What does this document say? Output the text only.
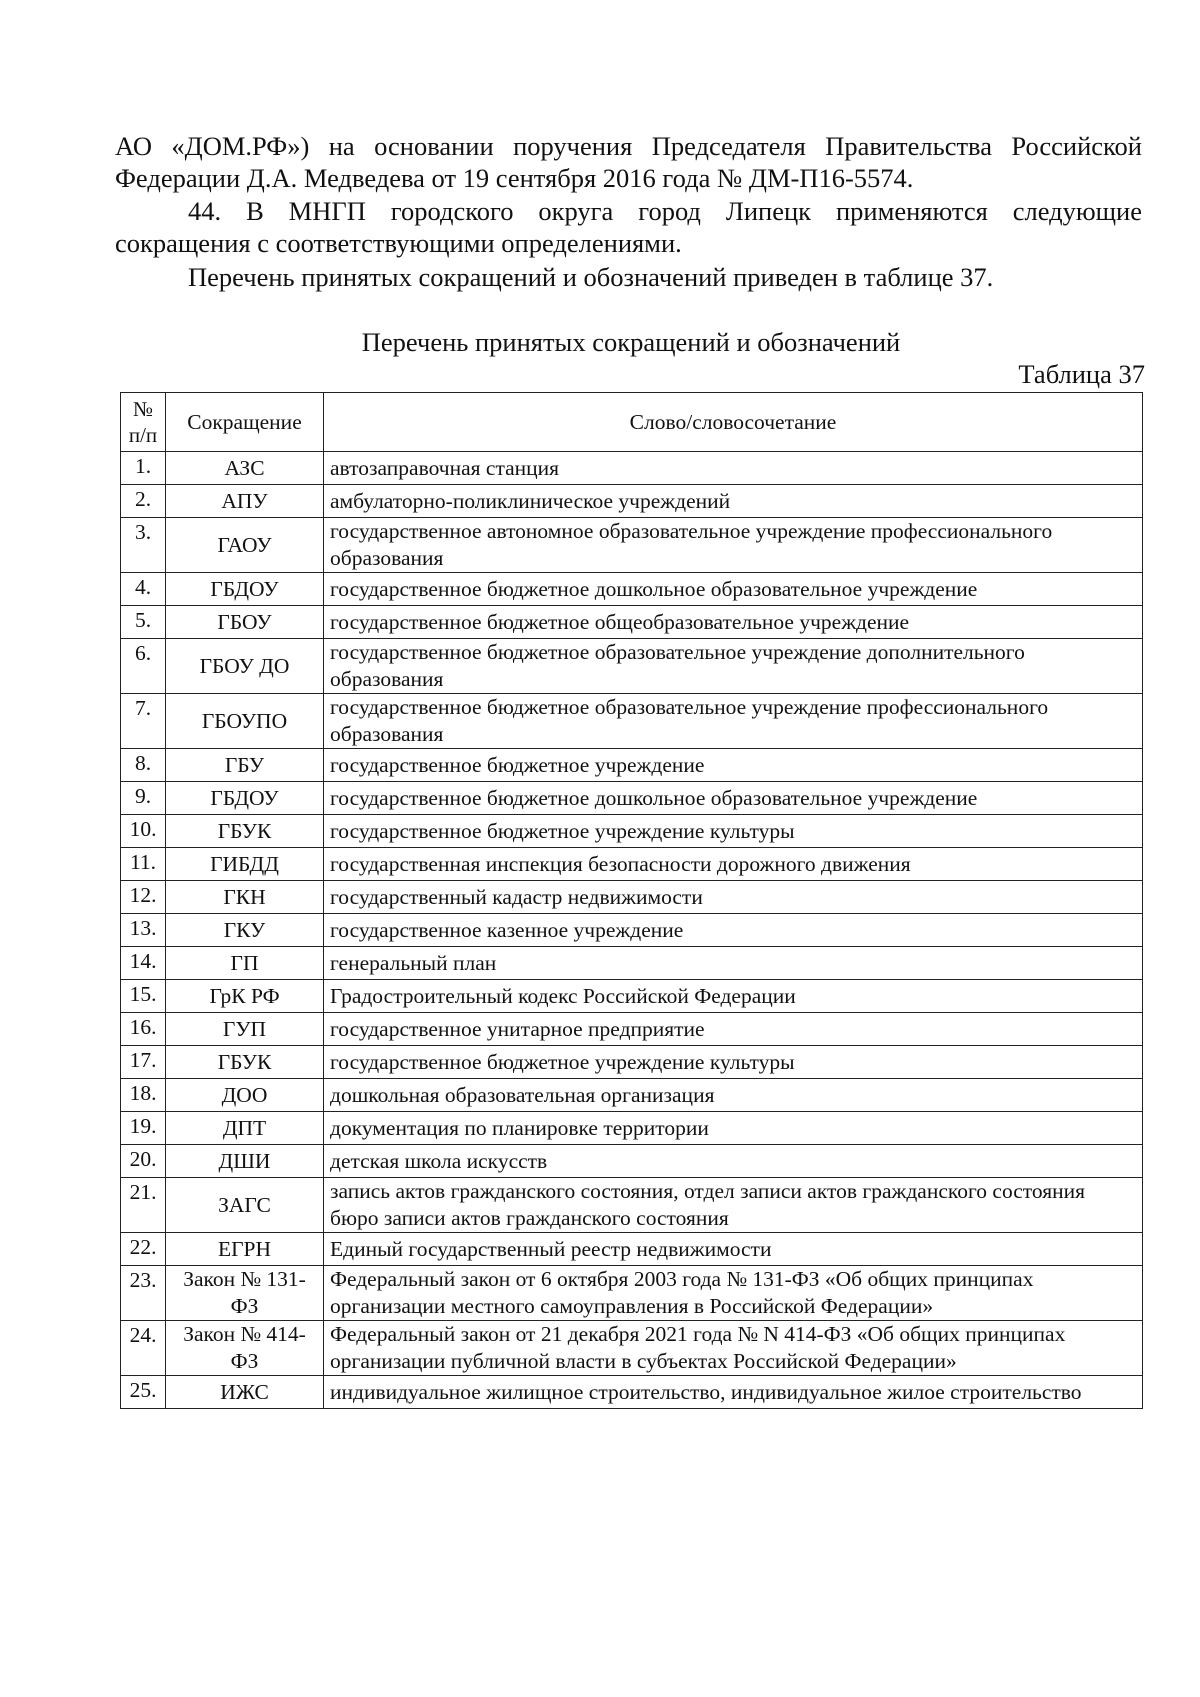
АО «ДОМ.РФ») на основании поручения Председателя Правительства Российской

Федерации Д.А. Медведева от 19 сентября 2016 года № ДМ-П16-5574.

44. В МНГП городского округа город Липецк применяются следующие

сокращения с соответствующими определениями.

Перечень принятых сокращений и обозначений приведен в таблице 37.

Перечень принятых сокращений и обозначений
Таблица 37
№
п/п	Сокращение	Слово/словосочетание
1.	АЗС	автозаправочная станция
2.	АПУ	амбулаторно-поликлиническое учреждений
3.	ГАОУ	государственное автономное образовательное учреждение профессионального образования
4.	ГБДОУ	государственное бюджетное дошкольное образовательное учреждение
5.	ГБОУ	государственное бюджетное общеобразовательное учреждение
6.	ГБОУ ДО	государственное бюджетное образовательное учреждение дополнительного образования
7.	ГБОУПО	государственное бюджетное образовательное учреждение профессионального образования
8.	ГБУ	государственное бюджетное учреждение
9.	ГБДОУ	государственное бюджетное дошкольное образовательное учреждение
10.	ГБУК	государственное бюджетное учреждение культуры
11.	ГИБДД	государственная инспекция безопасности дорожного движения
12.	ГКН	государственный кадастр недвижимости
13.	ГКУ	государственное казенное учреждение
14.	ГП	генеральный план
15.	ГрК РФ	Градостроительный кодекс Российской Федерации
16.	ГУП	государственное унитарное предприятие
17.	ГБУК	государственное бюджетное учреждение культуры
18.	ДОО	дошкольная образовательная организация
19.	ДПТ	документация по планировке территории
20.	ДШИ	детская школа искусств
21.	ЗАГС	запись актов гражданского состояния, отдел записи актов гражданского состояния бюро записи актов гражданского состояния
22.	ЕГРН	Единый государственный реестр недвижимости
23.	Закон № 131-ФЗ	Федеральный закон от 6 октября 2003 года № 131-ФЗ «Об общих принципах организации местного самоуправления в Российской Федерации»
24.	Закон № 414-ФЗ	Федеральный закон от 21 декабря 2021 года № N 414-ФЗ «Об общих принципах организации публичной власти в субъектах Российской Федерации»
25.	ИЖС	индивидуальное жилищное строительство, индивидуальное жилое строительство
